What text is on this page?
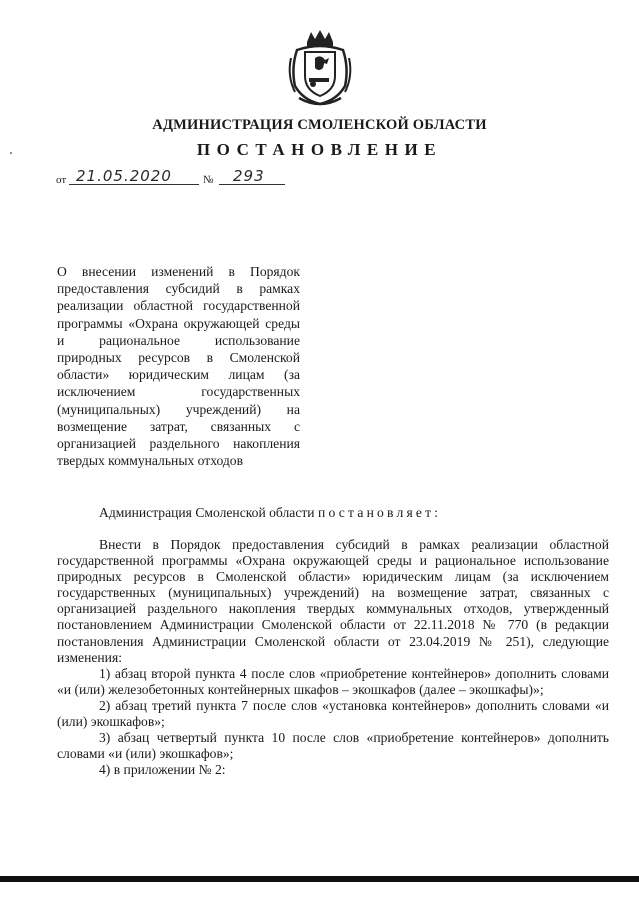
АДМИНИСТРАЦИЯ СМОЛЕНСКОЙ ОБЛАСТИ
ПОСТАНОВЛЕНИЕ
от 21.05.2020	№ 293
О внесении изменений в Порядок предоставления субсидий в рамках реализации областной государственной программы «Охрана окружающей среды и рациональное использование природных ресурсов в Смоленской области» юридическим лицам (за исключением государственных (муниципальных) учреждений) на возмещение затрат, связанных с организацией раздельного накопления твердых коммунальных отходов
Администрация Смоленской области постановляет:

Внести в Порядок предоставления субсидий в рамках реализации областной государственной программы «Охрана окружающей среды и рациональное использование природных ресурсов в Смоленской области» юридическим лицам (за исключением государственных (муниципальных) учреждений) на возмещение затрат, связанных с организацией раздельного накопления твердых коммунальных отходов, утвержденный постановлением Администрации Смоленской области от 22.11.2018 № 770 (в редакции постановления Администрации Смоленской области от 23.04.2019 № 251), следующие изменения:

1) абзац второй пункта 4 после слов «приобретение контейнеров» дополнить словами «и (или) железобетонных контейнерных шкафов – экошкафов (далее – экошкафы)»;

2) абзац третий пункта 7 после слов «установка контейнеров» дополнить словами «и (или) экошкафов»;

3) абзац четвертый пункта 10 после слов «приобретение контейнеров» дополнить словами «и (или) экошкафов»;

4) в приложении № 2:
